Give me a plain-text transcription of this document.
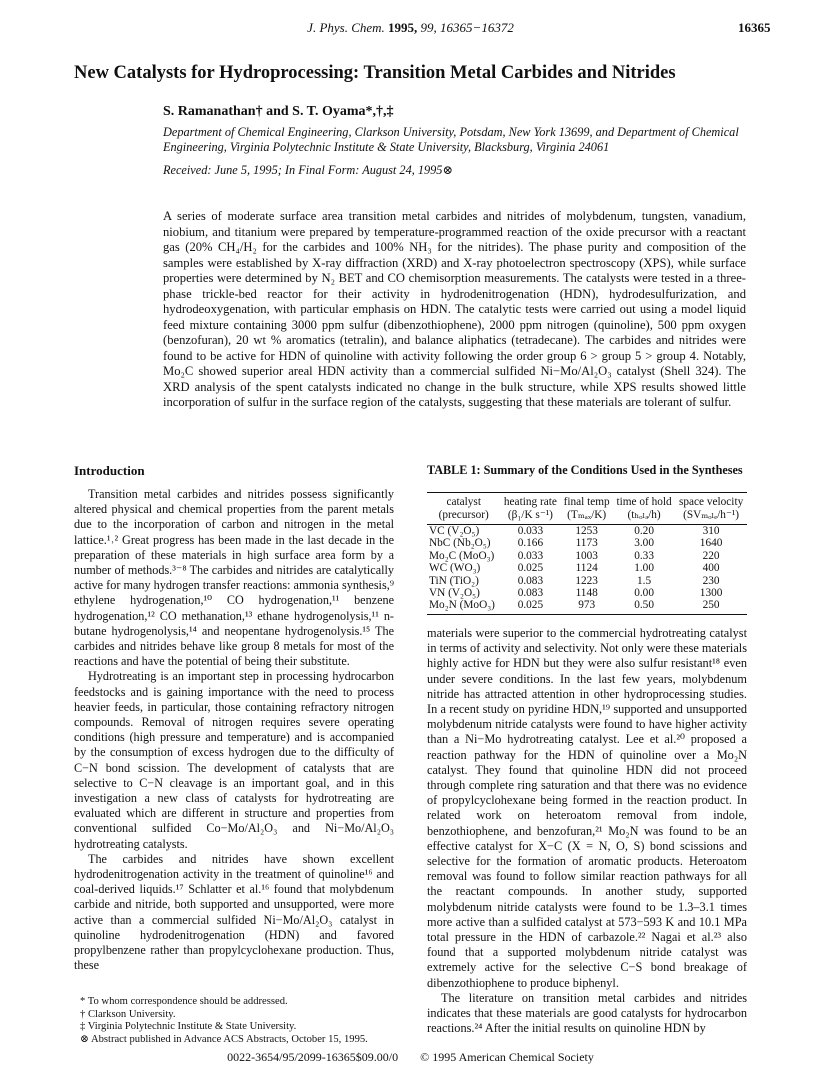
J. Phys. Chem. 1995, 99, 16365−16372	16365
New Catalysts for Hydroprocessing: Transition Metal Carbides and Nitrides
S. Ramanathan† and S. T. Oyama*,†,‡
Department of Chemical Engineering, Clarkson University, Potsdam, New York 13699, and Department of Chemical Engineering, Virginia Polytechnic Institute & State University, Blacksburg, Virginia 24061
Received: June 5, 1995; In Final Form: August 24, 1995⊗
A series of moderate surface area transition metal carbides and nitrides of molybdenum, tungsten, vanadium, niobium, and titanium were prepared by temperature-programmed reaction of the oxide precursor with a reactant gas (20% CH₄/H₂ for the carbides and 100% NH₃ for the nitrides). The phase purity and composition of the samples were established by X-ray diffraction (XRD) and X-ray photoelectron spectroscopy (XPS), while surface properties were determined by N₂ BET and CO chemisorption measurements. The catalysts were tested in a three-phase trickle-bed reactor for their activity in hydrodenitrogenation (HDN), hydrodesulfurization, and hydrodeoxygenation, with particular emphasis on HDN. The catalytic tests were carried out using a model liquid feed mixture containing 3000 ppm sulfur (dibenzothiophene), 2000 ppm nitrogen (quinoline), 500 ppm oxygen (benzofuran), 20 wt % aromatics (tetralin), and balance aliphatics (tetradecane). The carbides and nitrides were found to be active for HDN of quinoline with activity following the order group 6 > group 5 > group 4. Notably, Mo₂C showed superior areal HDN activity than a commercial sulfided Ni−Mo/Al₂O₃ catalyst (Shell 324). The XRD analysis of the spent catalysts indicated no change in the bulk structure, while XPS results showed little incorporation of sulfur in the surface region of the catalysts, suggesting that these materials are tolerant of sulfur.
Introduction

Transition metal carbides and nitrides possess significantly altered physical and chemical properties from the parent metals due to the incorporation of carbon and nitrogen in the metal lattice.¹˒² Great progress has been made in the last decade in the preparation of these materials in high surface area form by a number of methods.³⁻⁸ The carbides and nitrides are catalytically active for many hydrogen transfer reactions: ammonia synthesis,⁹ ethylene hydrogenation,¹⁰ CO hydrogenation,¹¹ benzene hydrogenation,¹² CO methanation,¹³ ethane hydrogenolysis,¹¹ n-butane hydrogenolysis,¹⁴ and neopentane hydrogenolysis.¹⁵ The carbides and nitrides behave like group 8 metals for most of the reactions and have the potential of being their substitute.

Hydrotreating is an important step in processing hydrocarbon feedstocks and is gaining importance with the need to process heavier feeds, in particular, those containing refractory nitrogen compounds. Removal of nitrogen requires severe operating conditions (high pressure and temperature) and is accompanied by the consumption of excess hydrogen due to the difficulty of C−N bond scission. The development of catalysts that are selective to C−N cleavage is an important goal, and in this investigation a new class of catalysts for hydrotreating are evaluated which are different in structure and properties from conventional sulfided Co−Mo/Al₂O₃ and Ni−Mo/Al₂O₃ hydrotreating catalysts.

The carbides and nitrides have shown excellent hydrodenitrogenation activity in the treatment of quinoline¹⁶ and coal-derived liquids.¹⁷ Schlatter et al.¹⁶ found that molybdenum carbide and nitride, both supported and unsupported, were more active than a commercial sulfided Ni−Mo/Al₂O₃ catalyst in quinoline hydrodenitrogenation (HDN) and favored propylbenzene rather than propylcyclohexane production. Thus, these

TABLE 1: Summary of the Conditions Used in the Syntheses
catalyst	heating rate	final temp	time of hold	space velocity
(precursor)	(β₁/K s⁻¹)	(Tₘₐₓ/K)	(tₕₒₗₔ/h)	(SVₘₒₗₑ/h⁻¹)
VC (V₂O₅)	0.033	1253	0.20	310
NbC (Nb₂O₅)	0.166	1173	3.00	1640
Mo₂C (MoO₃)	0.033	1003	0.33	220
WC (WO₃)	0.025	1124	1.00	400
TiN (TiO₂)	0.083	1223	1.5	230
VN (V₂O₅)	0.083	1148	0.00	1300
Mo₂N (MoO₃)	0.025	973	0.50	250

materials were superior to the commercial hydrotreating catalyst in terms of activity and selectivity. Not only were these materials highly active for HDN but they were also sulfur resistant¹⁸ even under severe conditions. In the last few years, molybdenum nitride has attracted attention in other hydroprocessing studies. In a recent study on pyridine HDN,¹⁹ supported and unsupported molybdenum nitride catalysts were found to have higher activity than a Ni−Mo hydrotreating catalyst. Lee et al.²⁰ proposed a reaction pathway for the HDN of quinoline over a Mo₂N catalyst. They found that quinoline HDN did not proceed through complete ring saturation and that there was no evidence of propylcyclohexane being formed in the reaction product. In related work on heteroatom removal from indole, benzothiophene, and benzofuran,²¹ Mo₂N was found to be an effective catalyst for X−C (X = N, O, S) bond scissions and selective for the formation of aromatic products. Heteroatom removal was found to follow similar reaction pathways for all the reactant compounds. In another study, supported molybdenum nitride catalysts were found to be 1.3–3.1 times more active than a sulfided catalyst at 573−593 K and 10.1 MPa total pressure in the HDN of carbazole.²² Nagai et al.²³ also found that a supported molybdenum nitride catalyst was extremely active for the selective C−S bond breakage of dibenzothiophene to produce biphenyl.

The literature on transition metal carbides and nitrides indicates that these materials are good catalysts for hydrocarbon reactions.²⁴ After the initial results on quinoline HDN by

* To whom correspondence should be addressed.
† Clarkson University.
‡ Virginia Polytechnic Institute & State University.
⊗ Abstract published in Advance ACS Abstracts, October 15, 1995.
0022-3654/95/2099-16365$09.00/0 © 1995 American Chemical Society
